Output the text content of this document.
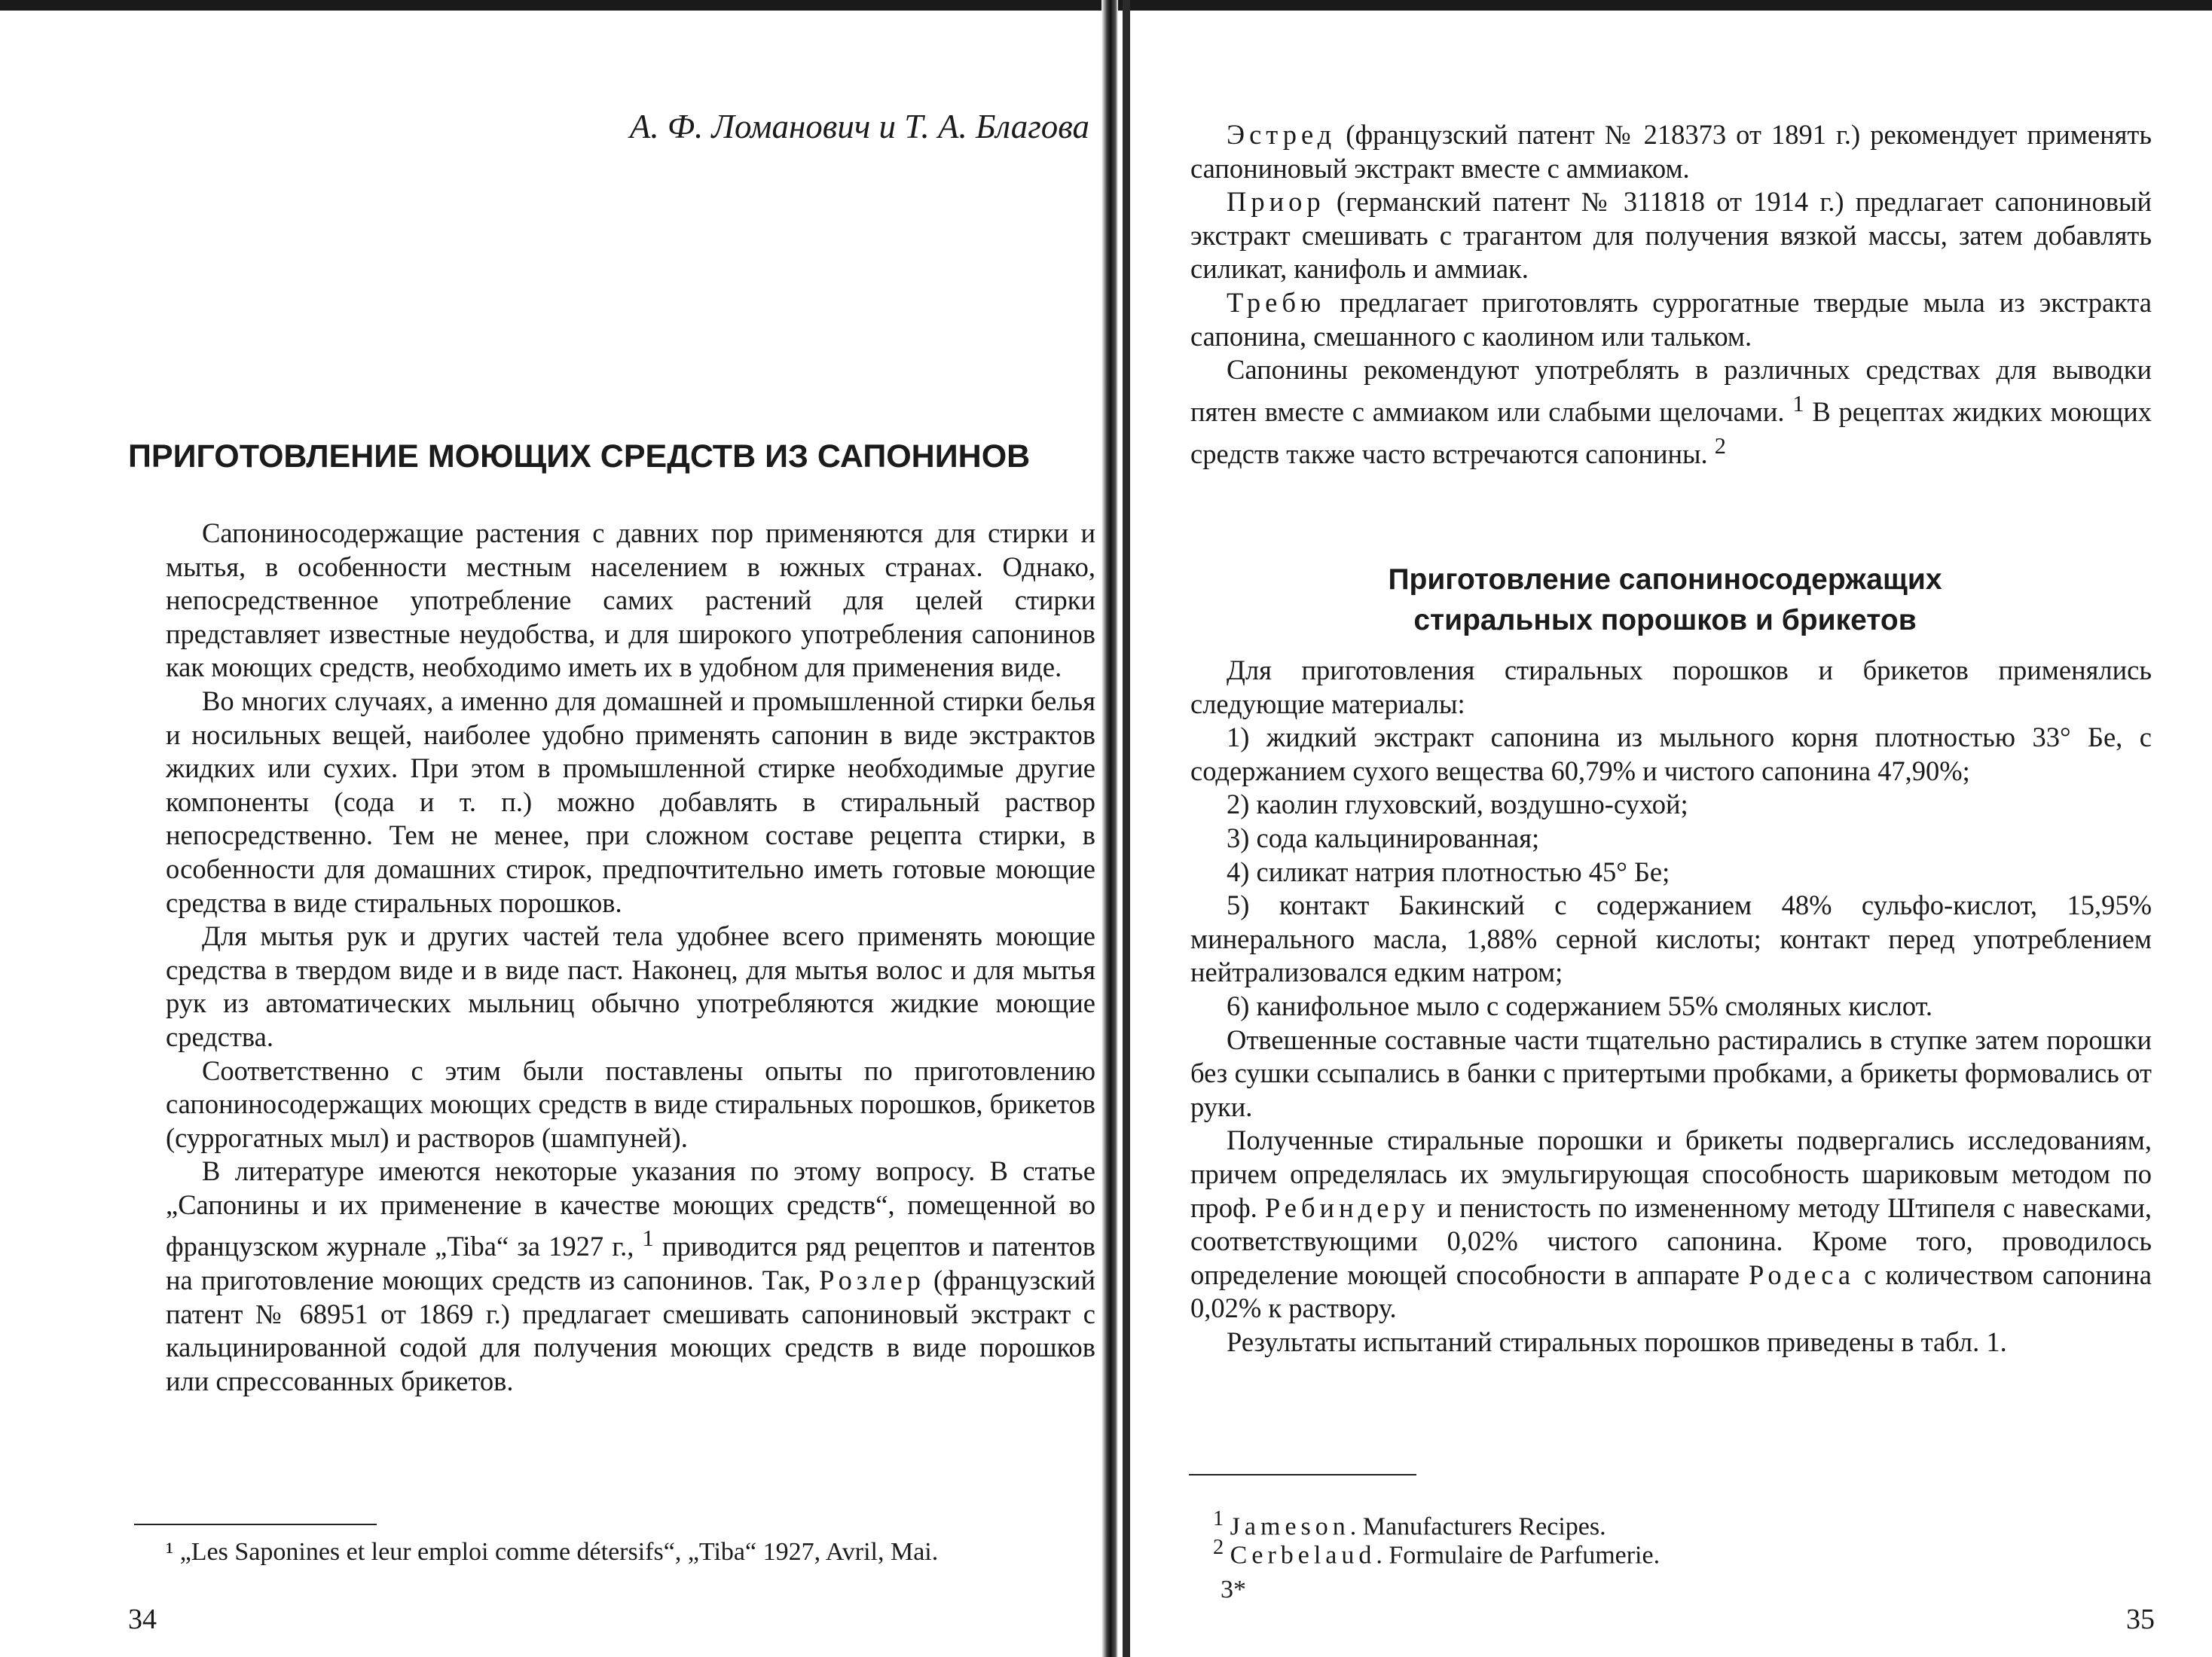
А. Ф. Ломанович и Т. А. Благова
ПРИГОТОВЛЕНИЕ МОЮЩИХ СРЕДСТВ ИЗ САПОНИНОВ

Сапониносодержащие растения с давних пор применяются для стирки и мытья, в особенности местным населением в южных странах. Однако, непосредственное употребление самих растений для целей стирки представляет известные неудобства, и для широкого употребления сапонинов как моющих средств, необходимо иметь их в удобном для применения виде.

Во многих случаях, а именно для домашней и промышленной стирки белья и носильных вещей, наиболее удобно применять сапонин в виде экстрактов жидких или сухих. При этом в промышленной стирке необходимые другие компоненты (сода и т. п.) можно добавлять в стиральный раствор непосредственно. Тем не менее, при сложном составе рецепта стирки, в особенности для домашних стирок, предпочтительно иметь готовые моющие средства в виде стиральных порошков.

Для мытья рук и других частей тела удобнее всего применять моющие средства в твердом виде и в виде паст. Наконец, для мытья волос и для мытья рук из автоматических мыльниц обычно употребляются жидкие моющие средства.

Соответственно с этим были поставлены опыты по приготовлению сапониносодержащих моющих средств в виде стиральных порошков, брикетов (суррогатных мыл) и растворов (шампуней).

В литературе имеются некоторые указания по этому вопросу. В статье „Сапонины и их применение в качестве моющих средств“, помещенной во французском журнале „Tiba“ за 1927 г., $^1$ приводится ряд рецептов и патентов на приготовление моющих средств из сапонинов. Так, Розлер (французский патент № 68951 от 1869 г.) предлагает смешивать сапониновый экстракт с кальцинированной содой для получения моющих средств в виде порошков или спрессованных брикетов.

¹ „Les Saponines et leur emploi comme détersifs“, „Tiba“ 1927, Avril, Mai.
34

Эстред (французский патент № 218373 от 1891 г.) рекомендует применять сапониновый экстракт вместе с аммиаком.

Приор (германский патент № 311818 от 1914 г.) предлагает сапониновый экстракт смешивать с трагантом для получения вязкой массы, затем добавлять силикат, канифоль и аммиак.

Требю предлагает приготовлять суррогатные твердые мыла из экстракта сапонина, смешанного с каолином или тальком.

Сапонины рекомендуют употреблять в различных средствах для выводки пятен вместе с аммиаком или слабыми щелочами. $^1$ В рецептах жидких моющих средств также часто встречаются сапонины. $^2$

Приготовление сапониносодержащих
стиральных порошков и брикетов

Для приготовления стиральных порошков и брикетов применялись следующие материалы:

1) жидкий экстракт сапонина из мыльного корня плотностью 33° Бе, с содержанием сухого вещества 60,79% и чистого сапонина 47,90%;

2) каолин глуховский, воздушно-сухой;

3) сода кальцинированная;

4) силикат натрия плотностью 45° Бе;

5) контакт Бакинский с содержанием 48% сульфо-кислот, 15,95% минерального масла, 1,88% серной кислоты; контакт перед употреблением нейтрализовался едким натром;

6) канифольное мыло с содержанием 55% смоляных кислот.

Отвешенные составные части тщательно растирались в ступке затем порошки без сушки ссыпались в банки с притертыми пробками, а брикеты формовались от руки.

Полученные стиральные порошки и брикеты подвергались исследованиям, причем определялась их эмульгирующая способность шариковым методом по проф. Ребиндеру и пенистость по измененному методу Штипеля с навесками, соответствующими 0,02% чистого сапонина. Кроме того, проводилось определение моющей способности в аппарате Родеса с количеством сапонина 0,02% к раствору.

Результаты испытаний стиральных порошков приведены в табл. 1.

$^1$ Jameson. Manufacturers Recipes.
$^2$ Cerbelaud. Formulaire de Parfumerie.
3*
35
